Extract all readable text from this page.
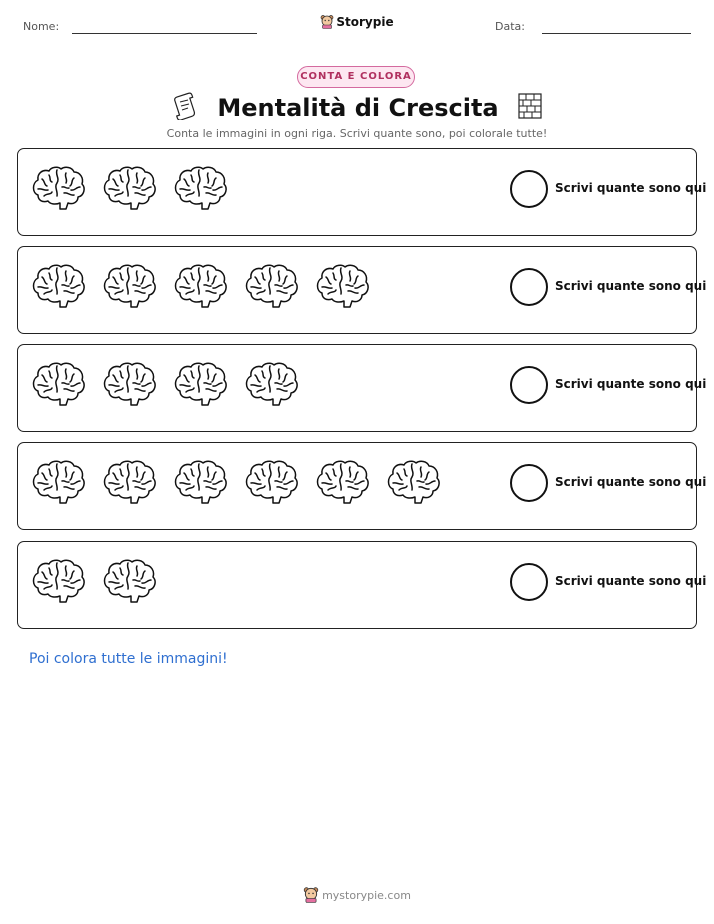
Nome:	Storypie	Data:
CONTA E COLORA
Mentalità di Crescita
Conta le immagini in ogni riga. Scrivi quante sono, poi colorale tutte!
Scrivi quante sono qui
Scrivi quante sono qui
Scrivi quante sono qui
Scrivi quante sono qui
Scrivi quante sono qui
Poi colora tutte le immagini!
mystorypie.com
